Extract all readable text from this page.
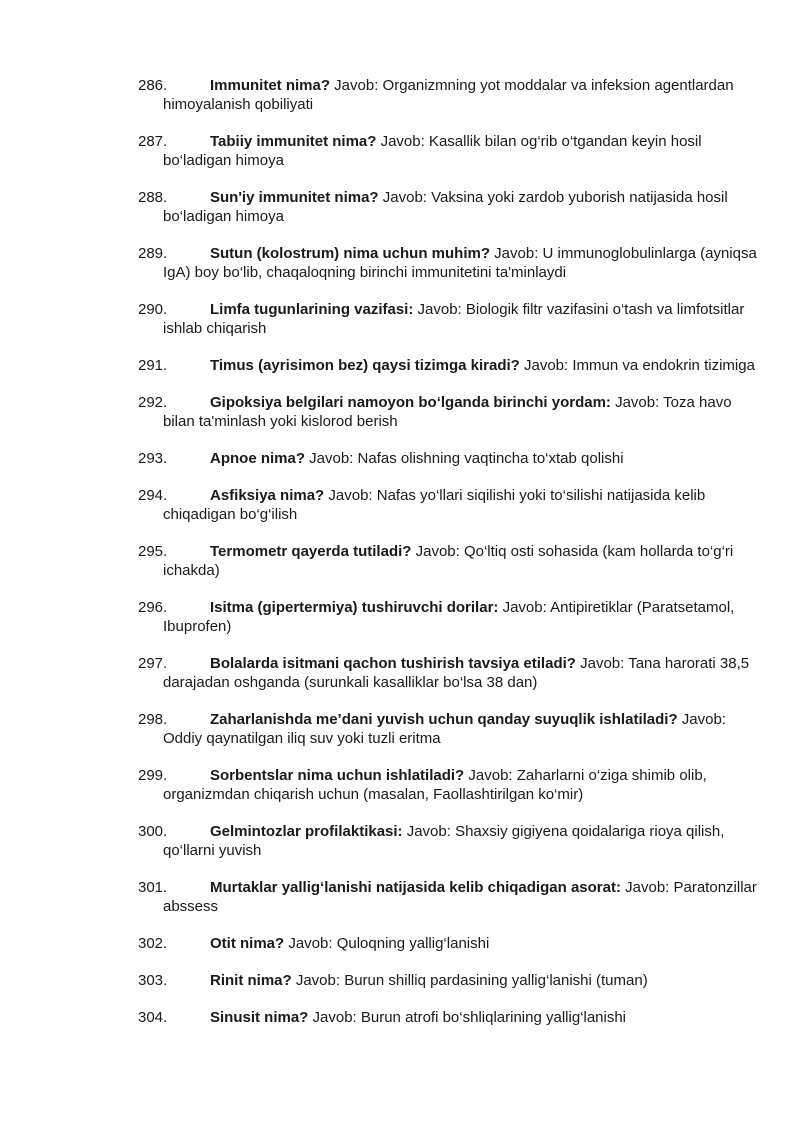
286.	Immunitet nima? Javob: Organizmning yot moddalar va infeksion agentlardan himoyalanish qobiliyati
287.	Tabiiy immunitet nima? Javob: Kasallik bilan og‘rib o‘tgandan keyin hosil bo‘ladigan himoya
288.	Sun'iy immunitet nima? Javob: Vaksina yoki zardob yuborish natijasida hosil bo‘ladigan himoya
289.	Sutun (kolostrum) nima uchun muhim? Javob: U immunoglobulinlarga (ayniqsa IgA) boy bo‘lib, chaqaloqning birinchi immunitetini ta'minlaydi
290.	Limfa tugunlarining vazifasi: Javob: Biologik filtr vazifasini o‘tash va limfotsitlar ishlab chiqarish
291.	Timus (ayrisimon bez) qaysi tizimga kiradi? Javob: Immun va endokrin tizimiga
292.	Gipoksiya belgilari namoyon bo‘lganda birinchi yordam: Javob: Toza havo bilan ta'minlash yoki kislorod berish
293.	Apnoe nima? Javob: Nafas olishning vaqtincha to‘xtab qolishi
294.	Asfiksiya nima? Javob: Nafas yo‘llari siqilishi yoki to‘silishi natijasida kelib chiqadigan bo‘g‘ilish
295.	Termometr qayerda tutiladi? Javob: Qo‘ltiq osti sohasida (kam hollarda to‘g‘ri ichakda)
296.	Isitma (gipertermiya) tushiruvchi dorilar: Javob: Antipiretiklar (Paratsetamol, Ibuprofen)
297.	Bolalarda isitmani qachon tushirish tavsiya etiladi? Javob: Tana harorati 38,5 darajadan oshganda (surunkali kasalliklar bo‘lsa 38 dan)
298.	Zaharlanishda me’dani yuvish uchun qanday suyuqlik ishlatiladi? Javob: Oddiy qaynatilgan iliq suv yoki tuzli eritma
299.	Sorbentslar nima uchun ishlatiladi? Javob: Zaharlarni o‘ziga shimib olib, organizmdan chiqarish uchun (masalan, Faollashtirilgan ko‘mir)
300.	Gelmintozlar profilaktikasi: Javob: Shaxsiy gigiyena qoidalariga rioya qilish, qo‘llarni yuvish
301.	Murtaklar yallig‘lanishi natijasida kelib chiqadigan asorat: Javob: Paratonzillar abssess
302.	Otit nima? Javob: Quloqning yallig‘lanishi
303.	Rinit nima? Javob: Burun shilliq pardasining yallig‘lanishi (tuman)
304.	Sinusit nima? Javob: Burun atrofi bo‘shliqlarining yallig‘lanishi
